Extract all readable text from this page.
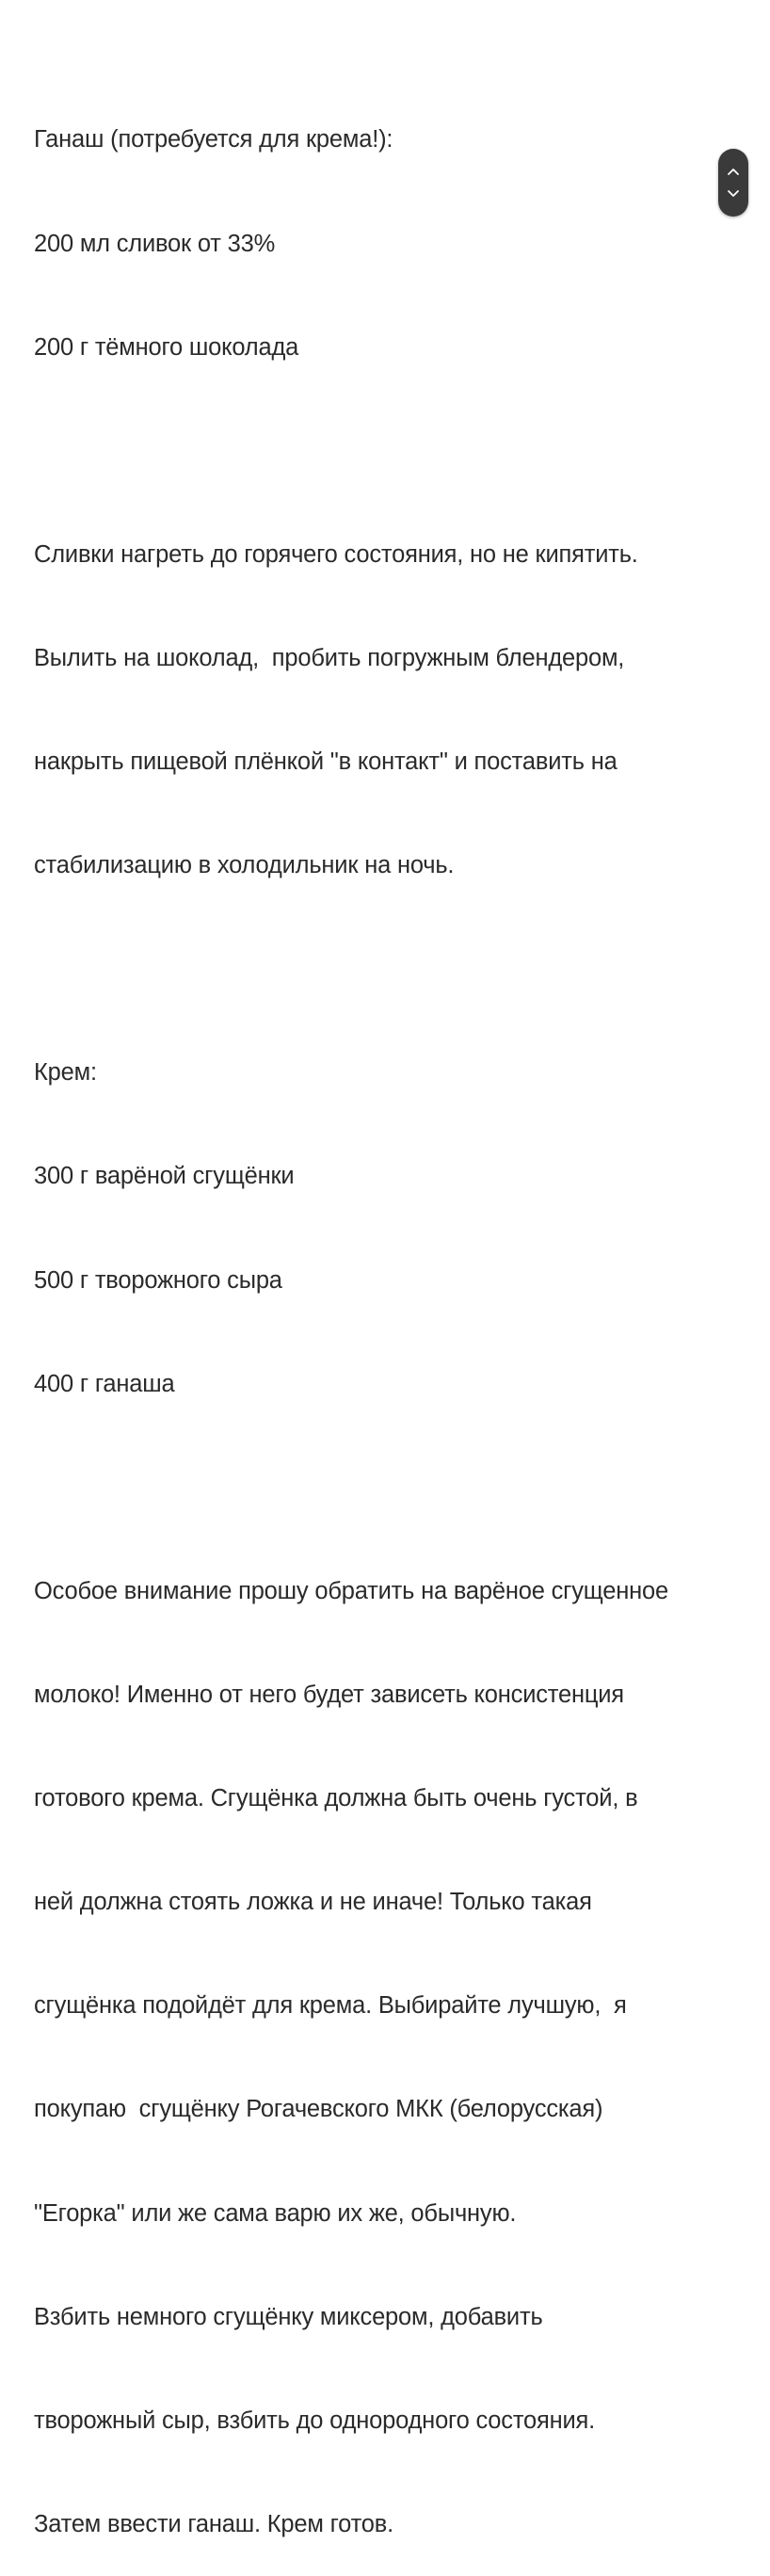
Ганаш (потребуется для крема!):

200 мл сливок от 33%

200 г тёмного шоколада

Сливки нагреть до горячего состояния, но не кипятить.

Вылить на шоколад,  пробить погружным блендером,

накрыть пищевой плёнкой "в контакт" и поставить на

стабилизацию в холодильник на ночь.

Крем:

300 г варёной сгущёнки

500 г творожного сыра

400 г ганаша

Особое внимание прошу обратить на варёное сгущенное

молоко! Именно от него будет зависеть консистенция

готового крема. Сгущёнка должна быть очень густой, в

ней должна стоять ложка и не иначе! Только такая

сгущёнка подойдёт для крема. Выбирайте лучшую,  я

покупаю  сгущёнку Рогачевского МКК (белорусская)

"Егорка" или же сама варю их же, обычную.

Взбить немного сгущёнку миксером, добавить

творожный сыр, взбить до однородного состояния.

Затем ввести ганаш. Крем готов.
